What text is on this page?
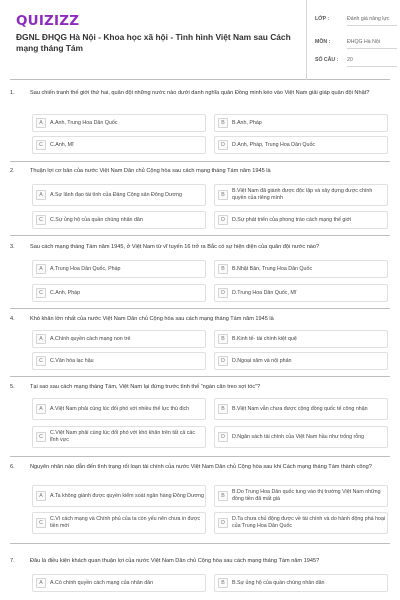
QUIZIZZ
ĐGNL ĐHQG Hà Nội - Khoa học xã hội - Tình hình Việt Nam sau Cách mạng tháng Tám
LỚP :	Đánh giá năng lực
MÔN :	ĐHQG Hà Nội
SỐ CÂU : 20
1.	Sau chiến tranh thế giới thứ hai, quân đội những nước nào dưới danh nghĩa quân Đồng minh kéo vào Việt Nam giải giáp quân đội Nhật?
A	A.Anh, Trung Hoa Dân Quốc	B	B.Anh, Pháp
C	C.Anh, Mĩ	D	D.Anh, Pháp, Trung Hoa Dân Quốc
2.	Thuận lợi cơ bản của nước Việt Nam Dân chủ Cộng hòa sau cách mạng tháng Tám năm 1945 là
A	A.Sự lãnh đạo tài tình của Đảng Cộng sản Đông Dương	B
B.Việt Nam đã giành được độc lập và xây dựng được chính quyền của riêng mình
C	C.Sự ủng hộ của quần chúng nhân dân	D	D.Sự phát triển của phong trào cách mạng thế giới
3.	Sau cách mạng tháng Tám năm 1945, ở Việt Nam từ vĩ tuyến 16 trở ra Bắc có sự hiện diện của quân đội nước nào?
A	A.Trung Hoa Dân Quốc, Pháp	B	B.Nhật Bản, Trung Hoa Dân Quốc
C	C.Anh, Pháp	D	D.Trung Hoa Dân Quốc, Mĩ
4.	Khó khăn lớn nhất của nước Việt Nam Dân chủ Cộng hòa sau cách mạng tháng Tám năm 1945 là
A	A.Chính quyền cách mạng non trẻ	B	B.Kinh tế- tài chính kiệt quệ
C	C.Văn hóa lạc hậu	D	D.Ngoại xâm và nội phản
5.	Tại sao sau cách mạng tháng Tám, Việt Nam lại đứng trước tình thế “ngàn cân treo sợi tóc”?
A	A.Việt Nam phải cùng lúc đối phó với nhiều thế lực thù địch	B	B.Việt Nam vẫn chưa được cộng đồng quốc tế công nhận
C
C.Việt Nam phải cùng lúc đối phó với khó khăn trên tất cả các lĩnh vực	D	D.Ngân sách tài chính của Việt Nam hầu như trống rỗng
6.	Nguyên nhân nào dẫn đến tình trạng rối loạn tài chính của nước Việt Nam Dân chủ Cộng hòa sau khi Cách mạng tháng Tám thành công?
A	A.Ta không giành được quyền kiểm soát ngân hàng Đông Dương	B
B.Do Trung Hoa Dân quốc tung vào thị trường Việt Nam những đồng tiền đã mất giá
C
C.Vì cách mạng và Chính phủ của ta còn yếu nên chưa in được tiền mới	D
D.Ta chưa chủ động được về tài chính và do hành động phá hoại của Trung Hoa Dân Quốc
7.	Đâu là điều kiện khách quan thuận lợi của nước Việt Nam Dân chủ Cộng hòa sau cách mạng tháng Tám năm 1945?
A	A.Có chính quyền cách mạng của nhân dân	B	B.Sự ủng hộ của quần chúng nhân dân
